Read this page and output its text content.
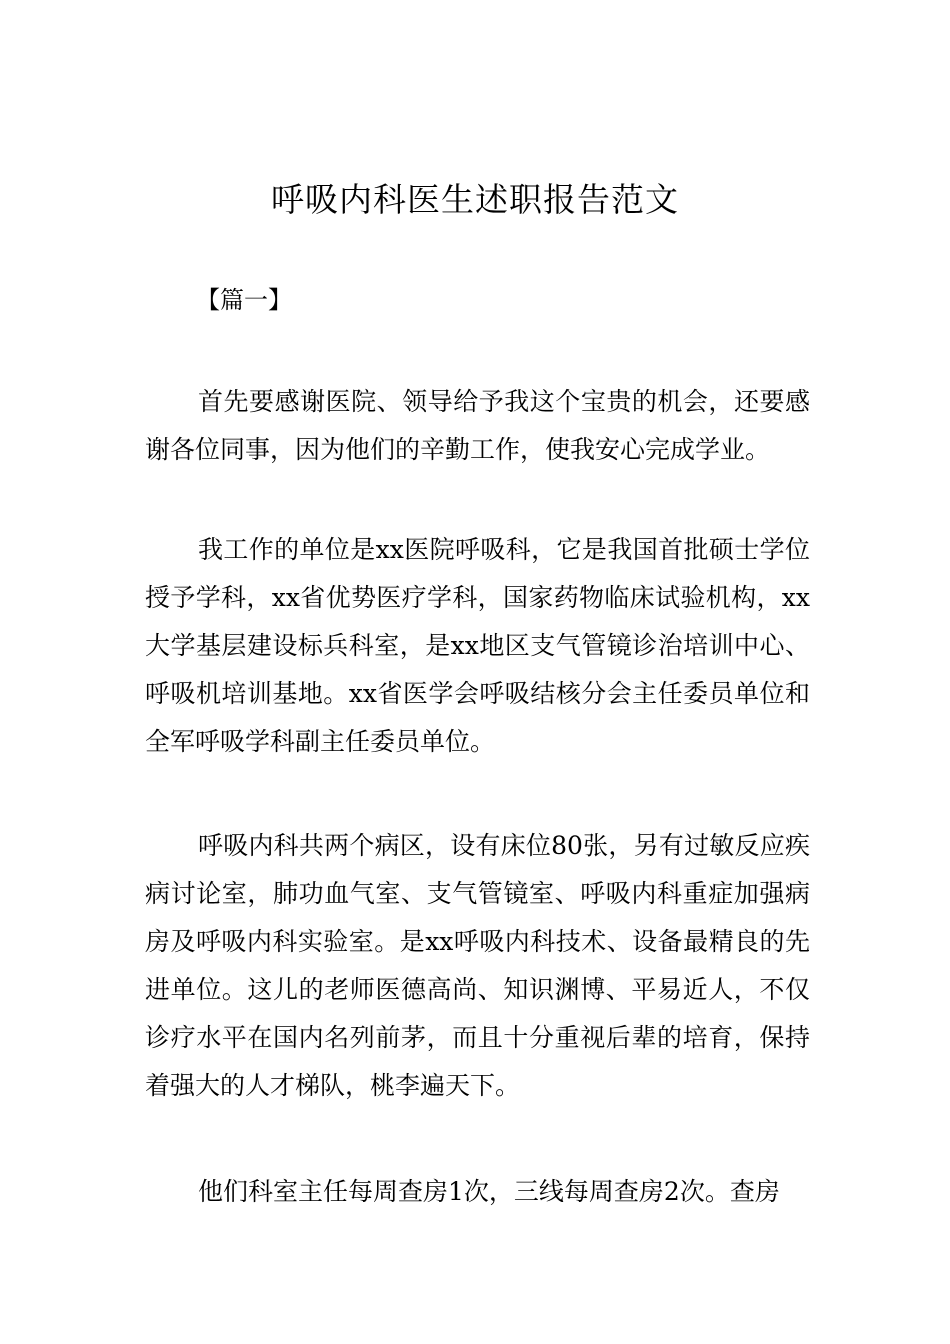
呼吸内科医生述职报告范文
【篇一】

首先要感谢医院、领导给予我这个宝贵的机会，还要感谢各位同事，因为他们的辛勤工作，使我安心完成学业。

我工作的单位是xx医院呼吸科，它是我国首批硕士学位授予学科，xx省优势医疗学科，国家药物临床试验机构，xx大学基层建设标兵科室，是xx地区支气管镜诊治培训中心、呼吸机培训基地。xx省医学会呼吸结核分会主任委员单位和全军呼吸学科副主任委员单位。

呼吸内科共两个病区，设有床位80张，另有过敏反应疾病讨论室，肺功血气室、支气管镜室、呼吸内科重症加强病房及呼吸内科实验室。是xx呼吸内科技术、设备最精良的先进单位。这儿的老师医德高尚、知识渊博、平易近人，不仅诊疗水平在国内名列前茅，而且十分重视后辈的培育，保持着强大的人才梯队，桃李遍天下。

他们科室主任每周查房1次，三线每周查房2次。查房
